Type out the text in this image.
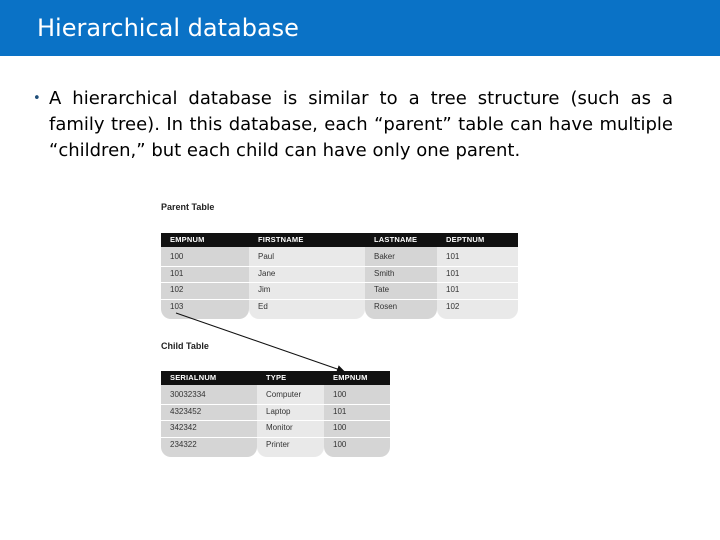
Hierarchical database
• A hierarchical database is similar to a tree structure (such as a family tree). In this database, each “parent” table can have multiple “children,” but each child can have only one parent.
Parent Table
EMPNUM	FIRSTNAME	LASTNAME	DEPTNUM
100	Paul	Baker	101
101	Jane	Smith	101
102	Jim	Tate	101
103	Ed	Rosen	102
Child Table
SERIALNUM	TYPE	EMPNUM
30032334	Computer	100
4323452	Laptop	101
342342	Monitor	100
234322	Printer	100
